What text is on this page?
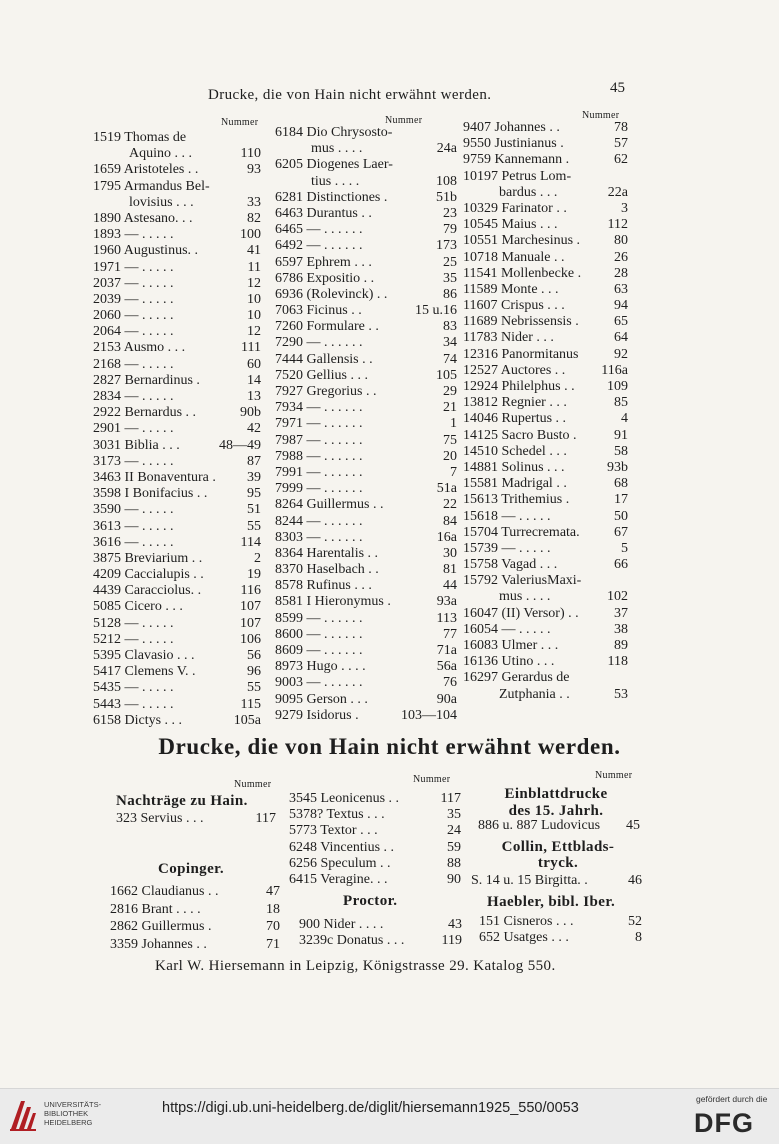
Drucke, die von Hain nicht erwähnt werden.	45
Nummer	Nummer	Nummer
1519 Thomas de
Aquino . . .	110
1659 Aristoteles . .	93
1795 Armandus Bel-
lovisius . . .	33
1890 Astesano. . .	82
1893 — . . . . .	100
1960 Augustinus. .	41
1971 — . . . . .	11
2037 — . . . . .	12
2039 — . . . . .	10
2060 — . . . . .	10
2064 — . . . . .	12
2153 Ausmo . . .	111
2168 — . . . . .	60
2827 Bernardinus .	14
2834 — . . . . .	13
2922 Bernardus . .	90b
2901 — . . . . .	42
3031 Biblia . . .	48—49
3173 — . . . . .	87
3463 II Bonaventura . 39
3598 I Bonifacius . .	95
3590 — . . . . .	51
3613 — . . . . .	55
3616 — . . . . .	114
3875 Breviarium . .	2
4209 Caccialupis . .	19
4439 Caracciolus. .	116
5085 Cicero . . .	107
5128 — . . . . .	107
5212 — . . . . .	106
5395 Clavasio . . .	56
5417 Clemens V. .	96
5435 — . . . . .	55
5443 — . . . . .	115
6158 Dictys . . .	105a
6184 Dio Chrysosto-
mus . . . .	24a
6205 Diogenes Laer-
tius . . . .	108
6281 Distinctiones .	51b
6463 Durantus . .	23
6465 — . . . . . .	79
6492 — . . . . . .	173
6597 Ephrem . . .	25
6786 Expositio . .	35
6936 (Rolevinck) . .	86
7063 Ficinus . .	15 u.16
7260 Formulare . .	83
7290 — . . . . . .	34
7444 Gallensis . .	74
7520 Gellius . . .	105
7927 Gregorius . .	29
7934 — . . . . . .	21
7971 — . . . . . .	1
7987 — . . . . . .	75
7988 — . . . . . .	20
7991 — . . . . . .	7
7999 — . . . . . .	51a
8264 Guillermus . .	22
8244 — . . . . . .	84
8303 — . . . . . .	16a
8364 Harentalis . .	30
8370 Haselbach . .	81
8578 Rufinus . . .	44
8581 I Hieronymus .	93a
8599 — . . . . . .	113
8600 — . . . . . .	77
8609 — . . . . . .	71a
8973 Hugo . . . .	56a
9003 — . . . . . .	76
9095 Gerson . . .	90a
9279 Isidorus .	103—104
9407 Johannes . .	78
9550 Justinianus .	57
9759 Kannemann .	62
10197 Petrus Lom-
bardus . . .	22a
10329 Farinator . .	3
10545 Maius . . .	112
10551 Marchesinus . 80
10718 Manuale . .	26
11541 Mollenbecke . 28
11589 Monte . . .	63
11607 Crispus . . .	94
11689 Nebrissensis .	65
11783 Nider . . .	64
12316 Panormitanus	92
12527 Auctores . .	116a
12924 Philelphus . . 109
13812 Regnier . . .	85
14046 Rupertus . .	4
14125 Sacro Busto .	91
14510 Schedel . . .	58
14881 Solinus . . .	93b
15581 Madrigal . .	68
15613 Trithemius .	17
15618 — . . . . .	50
15704 Turrecremata. 67
15739 — . . . . .	5
15758 Vagad . . .	66
15792 ValeriusMaxi-
mus . . . .	102
16047 (II) Versor) . .	37
16054 — . . . . .	38
16083 Ulmer . . .	89
16136 Utino . . .	118
16297 Gerardus de
Zutphania . .	53
Drucke, die von Hain nicht erwähnt werden.
Nummer	Nummer	Nummer
Nachträge zu Hain.
323 Servius . . .	117
Copinger.
1662 Claudianus . .	47
2816 Brant . . . .	18
2862 Guillermus .	70
3359 Johannes . .	71
3545 Leonicenus . .	117
5378? Textus . . .	35
5773 Textor . . .	24
6248 Vincentius . .	59
6256 Speculum . .	88
6415 Veragine. . .	90
Proctor.
900 Nider . . . .	43
3239c Donatus . . .	119
Einblattdrucke
des 15. Jahrh.
886 u. 887 Ludovicus 45
Collin, Ettblads-
tryck.
S. 14 u. 15 Birgitta. .	46
Haebler, bibl. Iber.
151 Cisneros . . .	52
652 Usatges . . .	8
Karl W. Hiersemann in Leipzig, Königstrasse 29. Katalog 550.
UNIVERSITÄTS-
BIBLIOTHEK
HEIDELBERG
https://digi.ub.uni-heidelberg.de/diglit/hiersemann1925_550/0053
gefördert durch die
DFG
